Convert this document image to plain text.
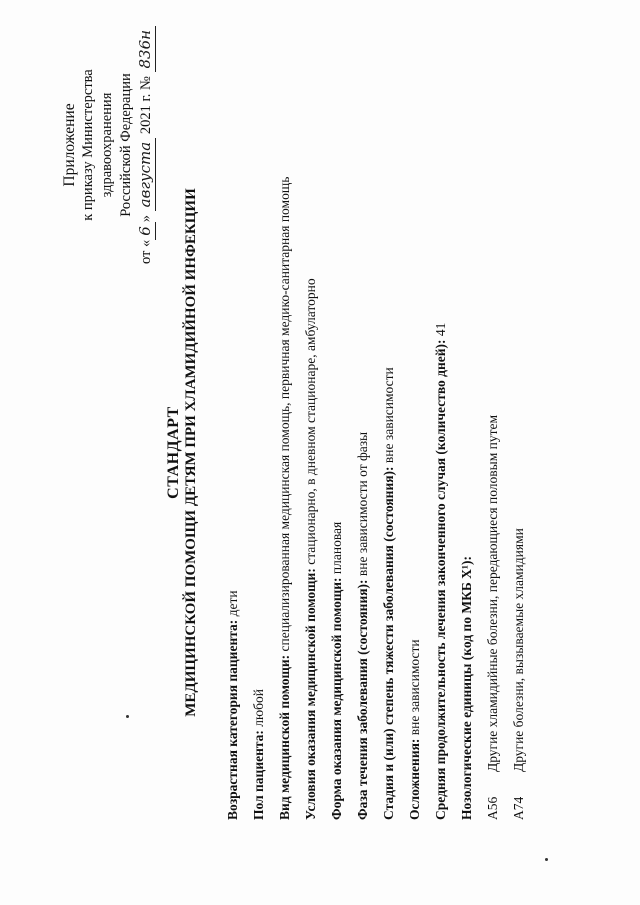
Приложение к приказу Министерства здравоохранения Российской Федерации
от «6» августа 2021 г. № 836н
СТАНДАРТ МЕДИЦИНСКОЙ ПОМОЩИ ДЕТЯМ ПРИ ХЛАМИДИЙНОЙ ИНФЕКЦИИ
Возрастная категория пациента: дети
Пол пациента: любой Вид медицинской помощи: специализированная медицинская помощь, первичная медико-санитарная помощь
Условия оказания медицинской помощи: стационарно, в дневном стационаре, амбулаторно
Форма оказания медицинской помощи: плановая
Фаза течения заболевания (состояния): вне зависимости от фазы Стадия и (или) степень тяжести заболевания (состояния): вне зависимости
Осложнения: вне зависимости Средняя продолжительность лечения законченного случая (количество дней): 41
Нозологические единицы (код по МКБ X¹): A56Другие хламидийные болезни, передающиеся половым путем
A74Другие болезни, вызываемые хламидиями
